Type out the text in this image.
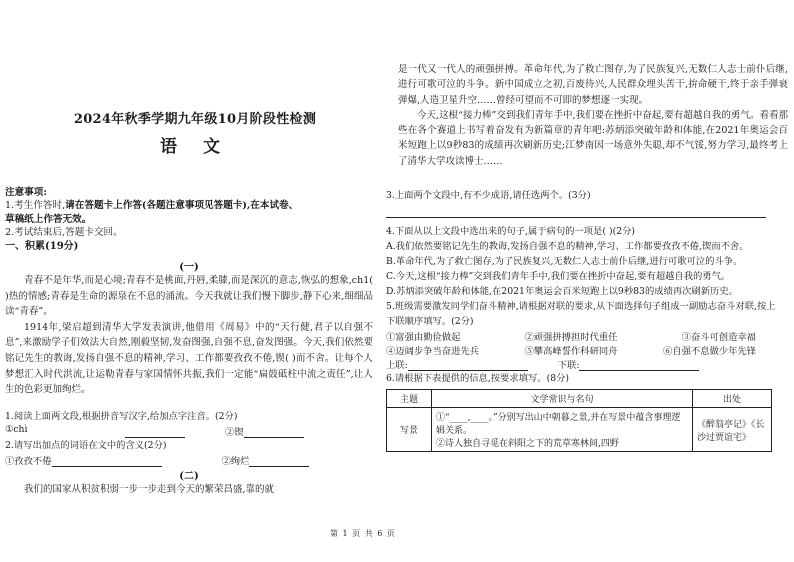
2024年秋季学期九年级10月阶段性检测
语 文
注意事项:
1.考生作答时,请在答题卡上作答(各题注意事项见答题卡),在本试卷、
草稿纸上作答无效。
2.考试结束后,答题卡交回。
一、积累(19分)
(一)

青春不是年华,而是心境;青春不是桃面,丹唇,柔膝,而是深沉的意志,恢弘的想象,ch1( )热的情感;青春是生命的源泉在不息的涌流。今天我就让我们慢下脚步,静下心来,细细品读“青春”。

1914年,梁启超到清华大学发表演讲,他借用《周易》中的“天行健,君子以自强不息”,来激励学子们效法大自然,刚毅坚韧,发奋图强,自强不息,奋发图强。今天,我们依然要铭记先生的教诲,发扬自强不息的精神,学习、工作都要孜孜不倦,锲( )而不舍。让每个人梦想汇入时代洪流,让运勒青春与家国情怀共振,我们一定能“扁鼓砥柱中流之责任”,让人生的色彩更加绚烂。

1.阅读上面两文段,根据拼音写汉字,给加点字注音。(2分)

①chì	②锲

2.请写出加点的词语在文中的含义(2分)

①孜孜不倦	②绚烂
(二)

我们的国家从积贫积弱一步一步走到今天的繁荣昌盛,靠的就

是一代又一代人的顽强拼搏。革命年代,为了救亡图存,为了民族复兴,无数仁人志士前仆后继,进行可歌可泣的斗争。新中国成立之初,百废待兴,人民群众埋头苦干,拚命硬干,终于亲手弹衰弹爆,人造卫星升空……曾经可望而不可即的梦想逐一实现。

今天,这根“接力棒”交到我们青年手中,我们要在挫折中奋起,要有超越自我的勇气。看看那些在各个赛道上书写着奋发有为新篇章的青年吧:苏炳添突破年龄和体能,在2021年奥运会百米短跑上以9秒83的成绩再次刷新历史;江梦南因一场意外失聪,却不气馁,努力学习,最终考上了清华大学攻读博士……

3.上面两个文段中,有不少成语,请任选两个。(3分)

4.下面从以上文段中选出来的句子,属于病句的一项是( )(2分)

A.我们依然要铭记先生的教诲,发扬自强不息的精神,学习、工作都要孜孜不倦,锲而不舍。

B.革命年代,为了救亡图存,为了民族复兴,无数仁人志士前仆后继,进行可歌可泣的斗争。

C.今天,这根“接力棒”交到我们青年手中,我们要在挫折中奋起,要有超越自我的勇气。

D.苏炳添突破年龄和体能,在2021年奥运会百米短跑上以9秒83的成绩再次刷新历史。

5.班级需要激发同学们奋斗精神,请根据对联的要求,从下面选择句子组成一副励志奋斗对联,按上下联顺序填写。(2分)

①富强由勤俭做起	②顽强拼搏担时代重任	③奋斗可创造幸福
④迈阔步争当奋进先兵	⑤攀高峰誓作科研同舟	⑥自强不息做少年先锋
上联:	下联:

6.请根据下表提供的信息,按要求填写。(8分)

主题	文学常识与名句	出处
写景	①“____,____。”分别写出山中朝暮之景,并在写景中蕴含事理逻辑关系。
②诗人独自寻觅在斜阳之下的荒草寒林间,四野	《醉翁亭记》《长沙过贾谊宅》
第 1 页 共 6 页
